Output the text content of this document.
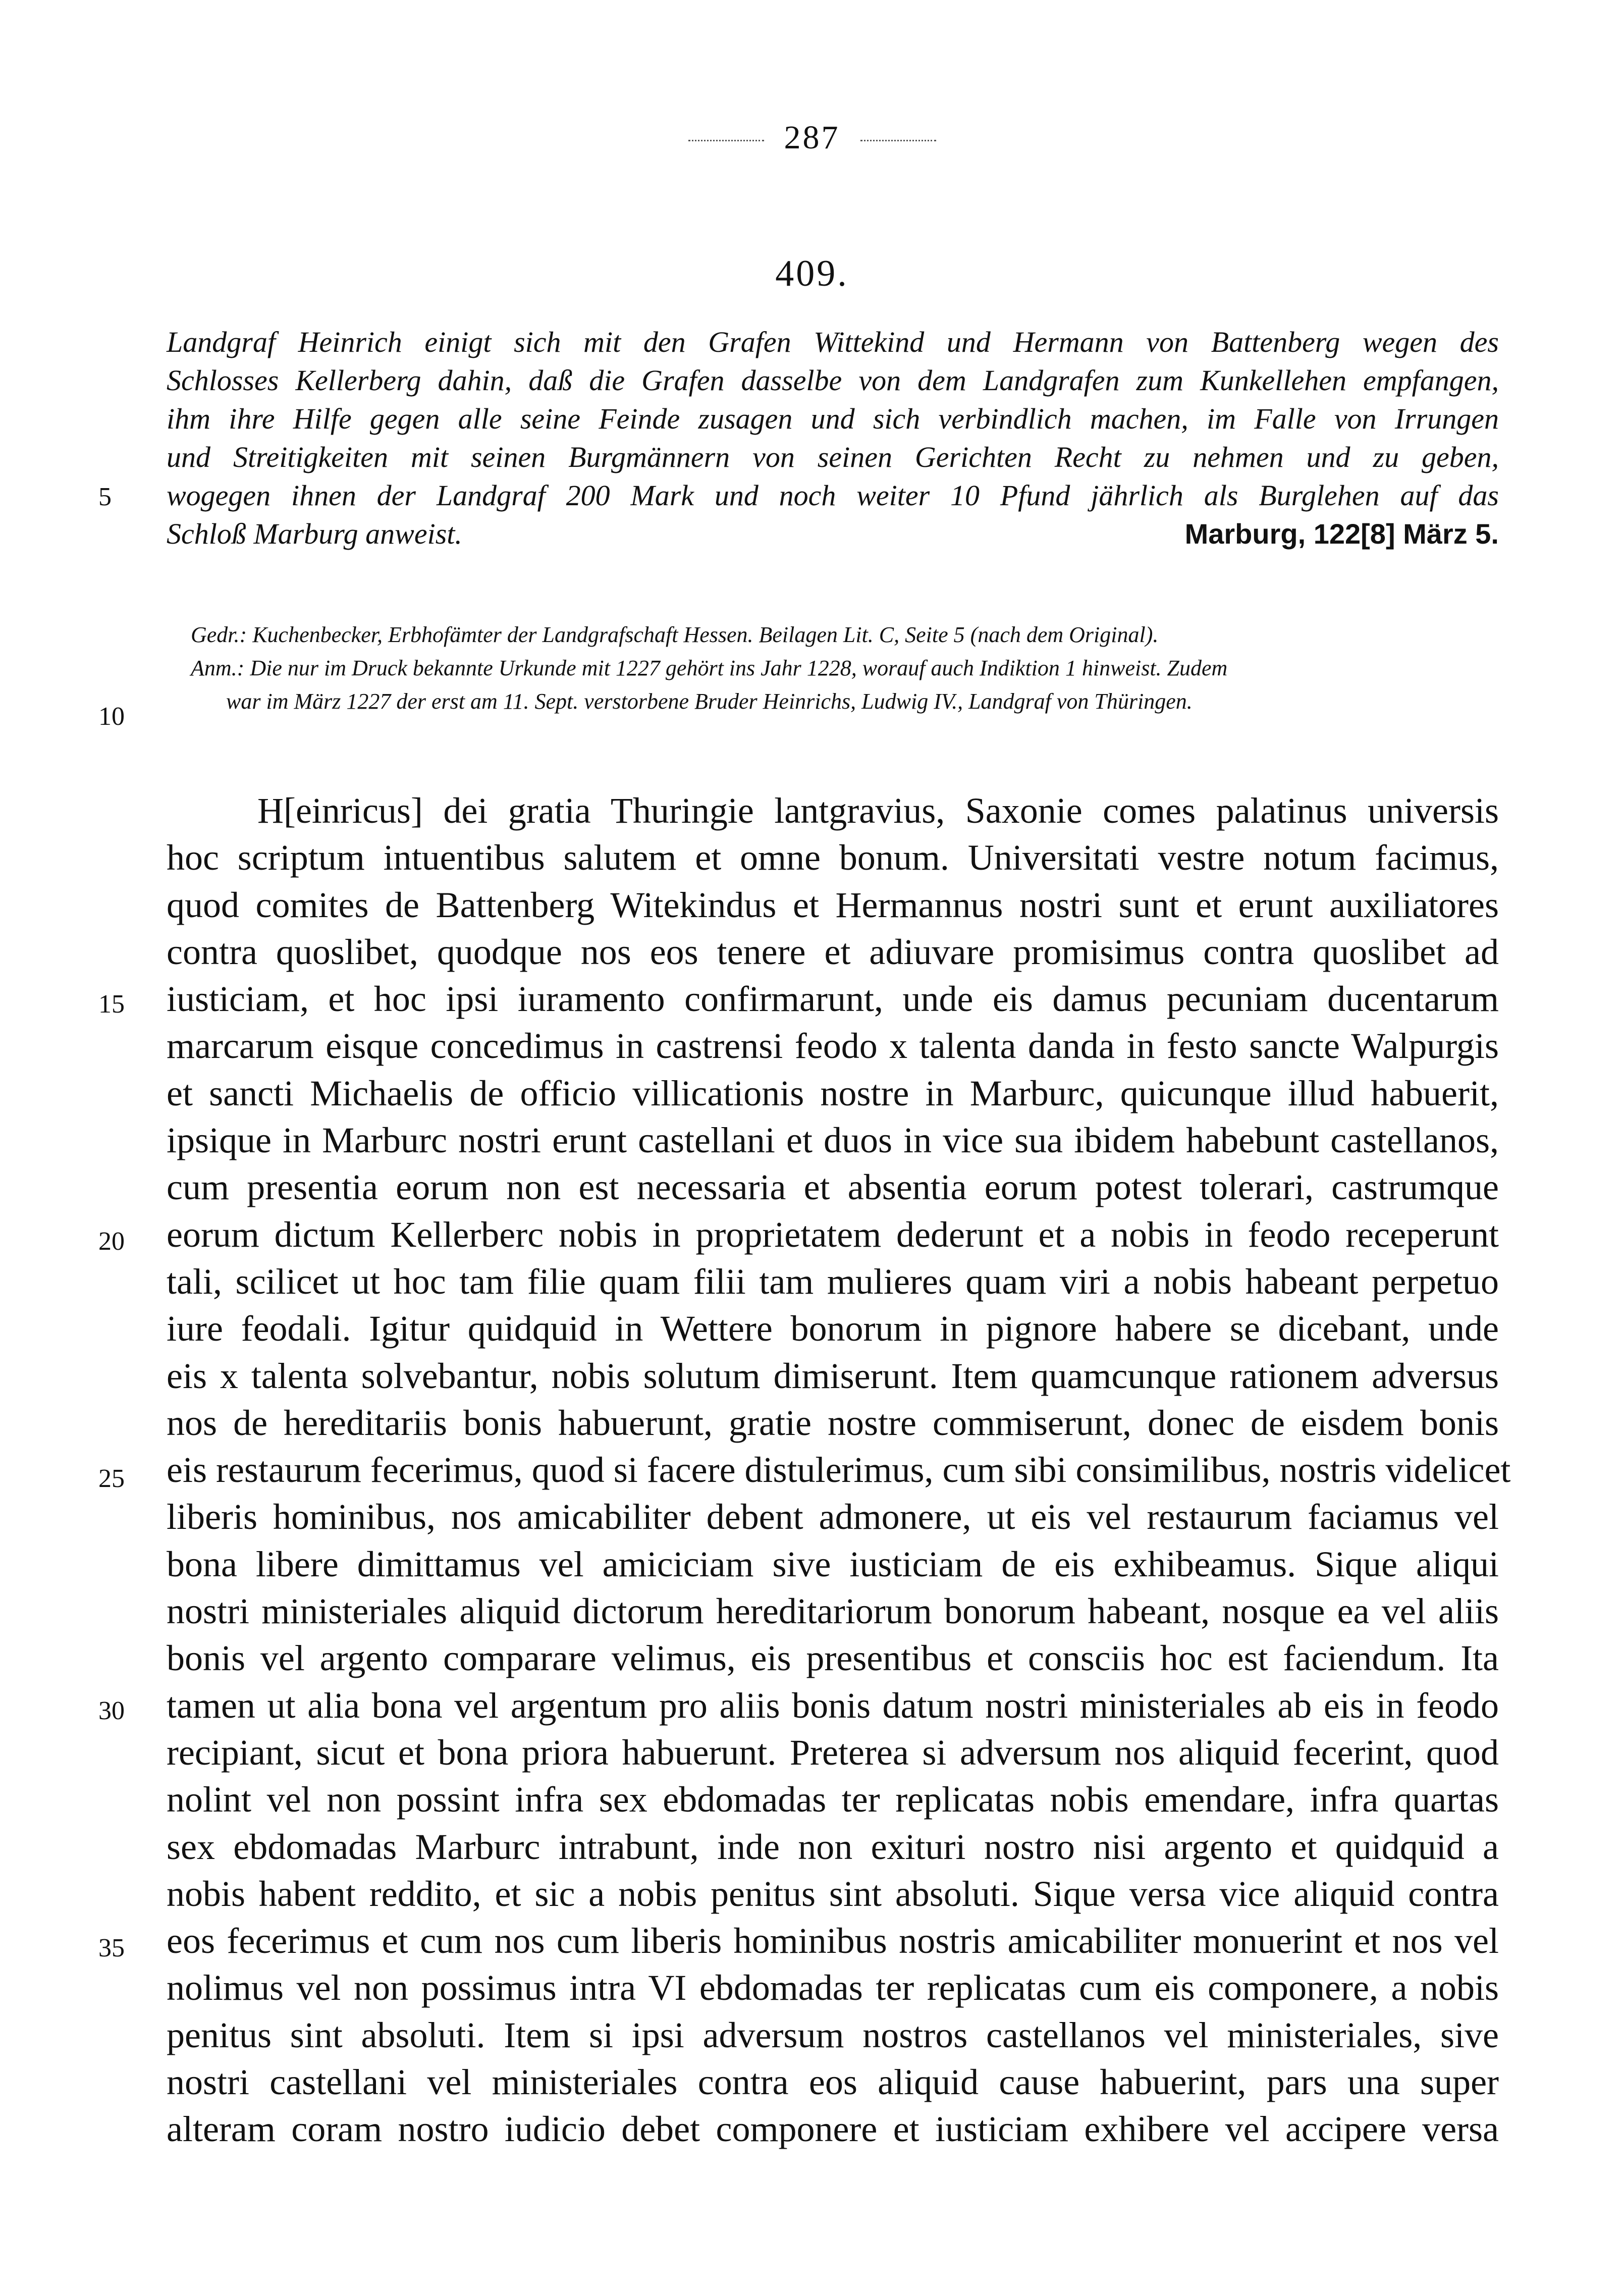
287
409.
Landgraf Heinrich einigt sich mit den Grafen Wittekind und Hermann von Battenberg wegen des
Schlosses Kellerberg dahin, daß die Grafen dasselbe von dem Landgrafen zum Kunkellehen empfangen,
ihm ihre Hilfe gegen alle seine Feinde zusagen und sich verbindlich machen, im Falle von Irrungen
und Streitigkeiten mit seinen Burgmännern von seinen Gerichten Recht zu nehmen und zu geben,
wogegen ihnen der Landgraf 200 Mark und noch weiter 10 Pfund jährlich als Burglehen auf das
Schloß Marburg anweist.	Marburg, 122[8] März 5.
Gedr.: Kuchenbecker, Erbhofämter der Landgrafschaft Hessen. Beilagen Lit. C, Seite 5 (nach dem Original).
Anm.: Die nur im Druck bekannte Urkunde mit 1227 gehört ins Jahr 1228, worauf auch Indiktion 1 hinweist. Zudem
war im März 1227 der erst am 11. Sept. verstorbene Bruder Heinrichs, Ludwig IV., Landgraf von Thüringen.
H[einricus] dei gratia Thuringie lantgravius, Saxonie comes palatinus universis
hoc scriptum intuentibus salutem et omne bonum. Universitati vestre notum facimus,
quod comites de Battenberg Witekindus et Hermannus nostri sunt et erunt auxiliatores
contra quoslibet, quodque nos eos tenere et adiuvare promisimus contra quoslibet ad
iusticiam, et hoc ipsi iuramento confirmarunt, unde eis damus pecuniam ducentarum
marcarum eisque concedimus in castrensi feodo x talenta danda in festo sancte Walpurgis
et sancti Michaelis de officio villicationis nostre in Marburc, quicunque illud habuerit,
ipsique in Marburc nostri erunt castellani et duos in vice sua ibidem habebunt castellanos,
cum presentia eorum non est necessaria et absentia eorum potest tolerari, castrumque
eorum dictum Kellerberc nobis in proprietatem dederunt et a nobis in feodo receperunt
tali, scilicet ut hoc tam filie quam filii tam mulieres quam viri a nobis habeant perpetuo
iure feodali. Igitur quidquid in Wettere bonorum in pignore habere se dicebant, unde
eis x talenta solvebantur, nobis solutum dimiserunt. Item quamcunque rationem adversus
nos de hereditariis bonis habuerunt, gratie nostre commiserunt, donec de eisdem bonis
eis restaurum fecerimus, quod si facere distulerimus, cum sibi consimilibus, nostris videlicet
liberis hominibus, nos amicabiliter debent admonere, ut eis vel restaurum faciamus vel
bona libere dimittamus vel amiciciam sive iusticiam de eis exhibeamus. Sique aliqui
nostri ministeriales aliquid dictorum hereditariorum bonorum habeant, nosque ea vel aliis
bonis vel argento comparare velimus, eis presentibus et consciis hoc est faciendum. Ita
tamen ut alia bona vel argentum pro aliis bonis datum nostri ministeriales ab eis in feodo
recipiant, sicut et bona priora habuerunt. Preterea si adversum nos aliquid fecerint, quod
nolint vel non possint infra sex ebdomadas ter replicatas nobis emendare, infra quartas
sex ebdomadas Marburc intrabunt, inde non exituri nostro nisi argento et quidquid a
nobis habent reddito, et sic a nobis penitus sint absoluti. Sique versa vice aliquid contra
eos fecerimus et cum nos cum liberis hominibus nostris amicabiliter monuerint et nos vel
nolimus vel non possimus intra VI ebdomadas ter replicatas cum eis componere, a nobis
penitus sint absoluti. Item si ipsi adversum nostros castellanos vel ministeriales, sive
nostri castellani vel ministeriales contra eos aliquid cause habuerint, pars una super
alteram coram nostro iudicio debet componere et iusticiam exhibere vel accipere versa
5
10
15
20
25
30
35
